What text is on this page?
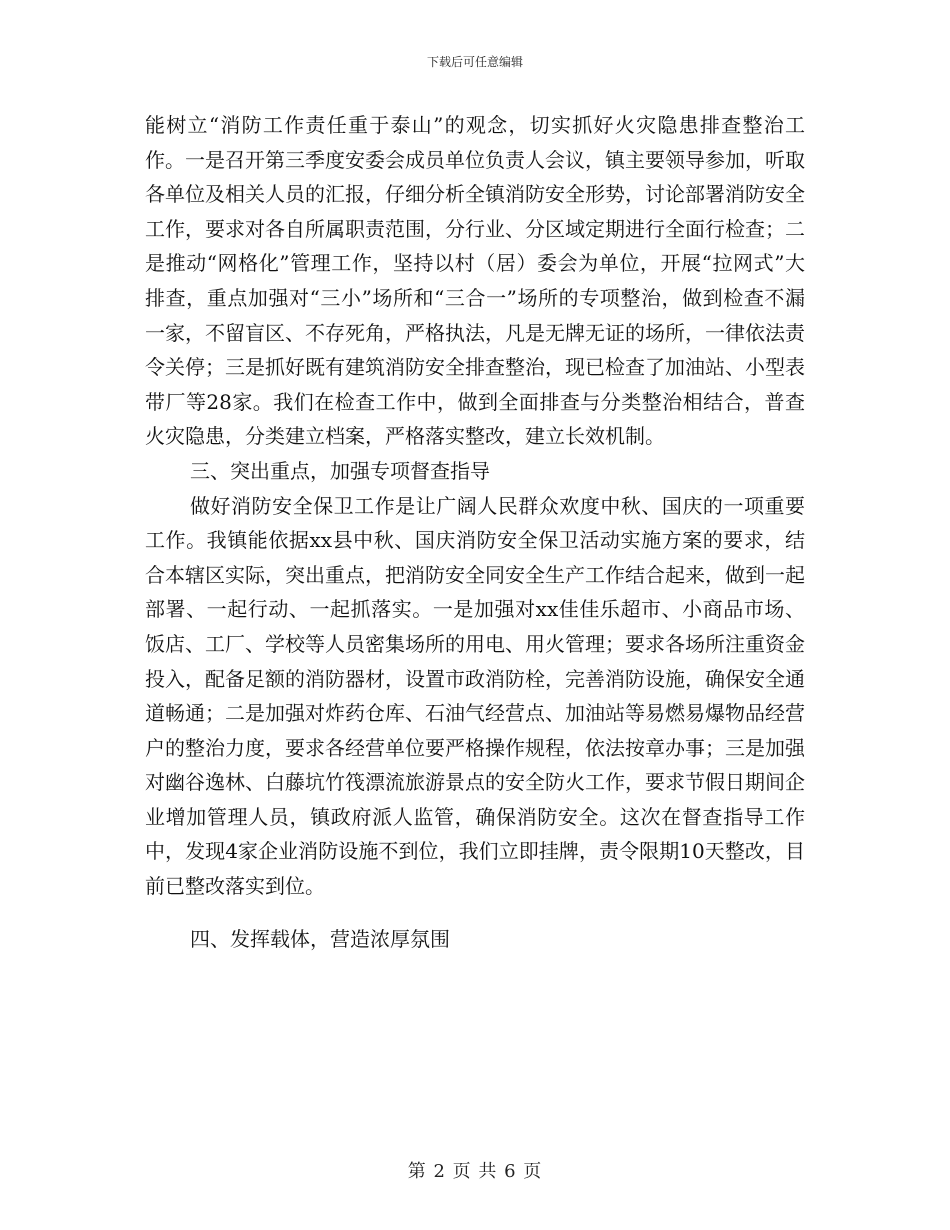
下载后可任意编辑

能树立“消防工作责任重于泰山”的观念，切实抓好火灾隐患排查整治工作。一是召开第三季度安委会成员单位负责人会议，镇主要领导参加，听取各单位及相关人员的汇报，仔细分析全镇消防安全形势，讨论部署消防安全工作，要求对各自所属职责范围，分行业、分区域定期进行全面行检查；二是推动“网格化”管理工作，坚持以村（居）委会为单位，开展“拉网式”大排查，重点加强对“三小”场所和“三合一”场所的专项整治，做到检查不漏一家，不留盲区、不存死角，严格执法，凡是无牌无证的场所，一律依法责令关停；三是抓好既有建筑消防安全排查整治，现已检查了加油站、小型表带厂等28家。我们在检查工作中，做到全面排查与分类整治相结合，普查火灾隐患，分类建立档案，严格落实整改，建立长效机制。

三、突出重点，加强专项督查指导

做好消防安全保卫工作是让广阔人民群众欢度中秋、国庆的一项重要工作。我镇能依据xx县中秋、国庆消防安全保卫活动实施方案的要求，结合本辖区实际，突出重点，把消防安全同安全生产工作结合起来，做到一起部署、一起行动、一起抓落实。一是加强对xx佳佳乐超市、小商品市场、饭店、工厂、学校等人员密集场所的用电、用火管理；要求各场所注重资金投入，配备足额的消防器材，设置市政消防栓，完善消防设施，确保安全通道畅通；二是加强对炸药仓库、石油气经营点、加油站等易燃易爆物品经营户的整治力度，要求各经营单位要严格操作规程，依法按章办事；三是加强对幽谷逸林、白藤坑竹筏漂流旅游景点的安全防火工作，要求节假日期间企业增加管理人员，镇政府派人监管，确保消防安全。这次在督查指导工作中，发现4家企业消防设施不到位，我们立即挂牌，责令限期10天整改，目前已整改落实到位。

四、发挥载体，营造浓厚氛围

第 2 页 共 6 页
